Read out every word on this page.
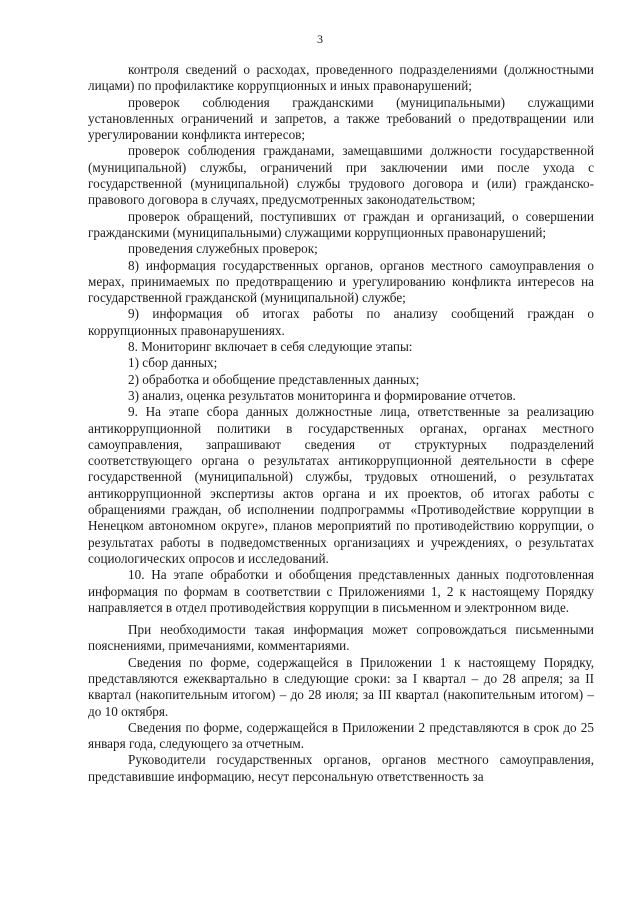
3

контроля сведений о расходах, проведенного подразделениями (должностными лицами) по профилактике коррупционных и иных правонарушений;

проверок соблюдения гражданскими (муниципальными) служащими установленных ограничений и запретов, а также требований о предотвращении или урегулировании конфликта интересов;

проверок соблюдения гражданами, замещавшими должности государственной (муниципальной) службы, ограничений при заключении ими после ухода с государственной (муниципальной) службы трудового договора и (или) гражданско-правового договора в случаях, предусмотренных законодательством;

проверок обращений, поступивших от граждан и организаций, о совершении гражданскими (муниципальными) служащими коррупционных правонарушений;

проведения служебных проверок;

8) информация государственных органов, органов местного самоуправления о мерах, принимаемых по предотвращению и урегулированию конфликта интересов на государственной гражданской (муниципальной) службе;

9) информация об итогах работы по анализу сообщений граждан о коррупционных правонарушениях.

8. Мониторинг включает в себя следующие этапы:

1) сбор данных;

2) обработка и обобщение представленных данных;

3) анализ, оценка результатов мониторинга и формирование отчетов.

9. На этапе сбора данных должностные лица, ответственные за реализацию антикоррупционной политики в государственных органах, органах местного самоуправления, запрашивают сведения от структурных подразделений соответствующего органа о результатах антикоррупционной деятельности в сфере государственной (муниципальной) службы, трудовых отношений, о результатах антикоррупционной экспертизы актов органа и их проектов, об итогах работы с обращениями граждан, об исполнении подпрограммы «Противодействие коррупции в Ненецком автономном округе», планов мероприятий по противодействию коррупции, о результатах работы в подведомственных организациях и учреждениях, о результатах социологических опросов и исследований.

10. На этапе обработки и обобщения представленных данных подготовленная информация по формам в соответствии с Приложениями 1, 2 к настоящему Порядку направляется в отдел противодействия коррупции в письменном и электронном виде.

При необходимости такая информация может сопровождаться письменными пояснениями, примечаниями, комментариями.

Сведения по форме, содержащейся в Приложении 1 к настоящему Порядку, представляются ежеквартально в следующие сроки: за I квартал – до 28 апреля; за II квартал (накопительным итогом) – до 28 июля; за III квартал (накопительным итогом) – до 10 октября.

Сведения по форме, содержащейся в Приложении 2 представляются в срок до 25 января года, следующего за отчетным.

Руководители государственных органов, органов местного самоуправления, представившие информацию, несут персональную ответственность за
